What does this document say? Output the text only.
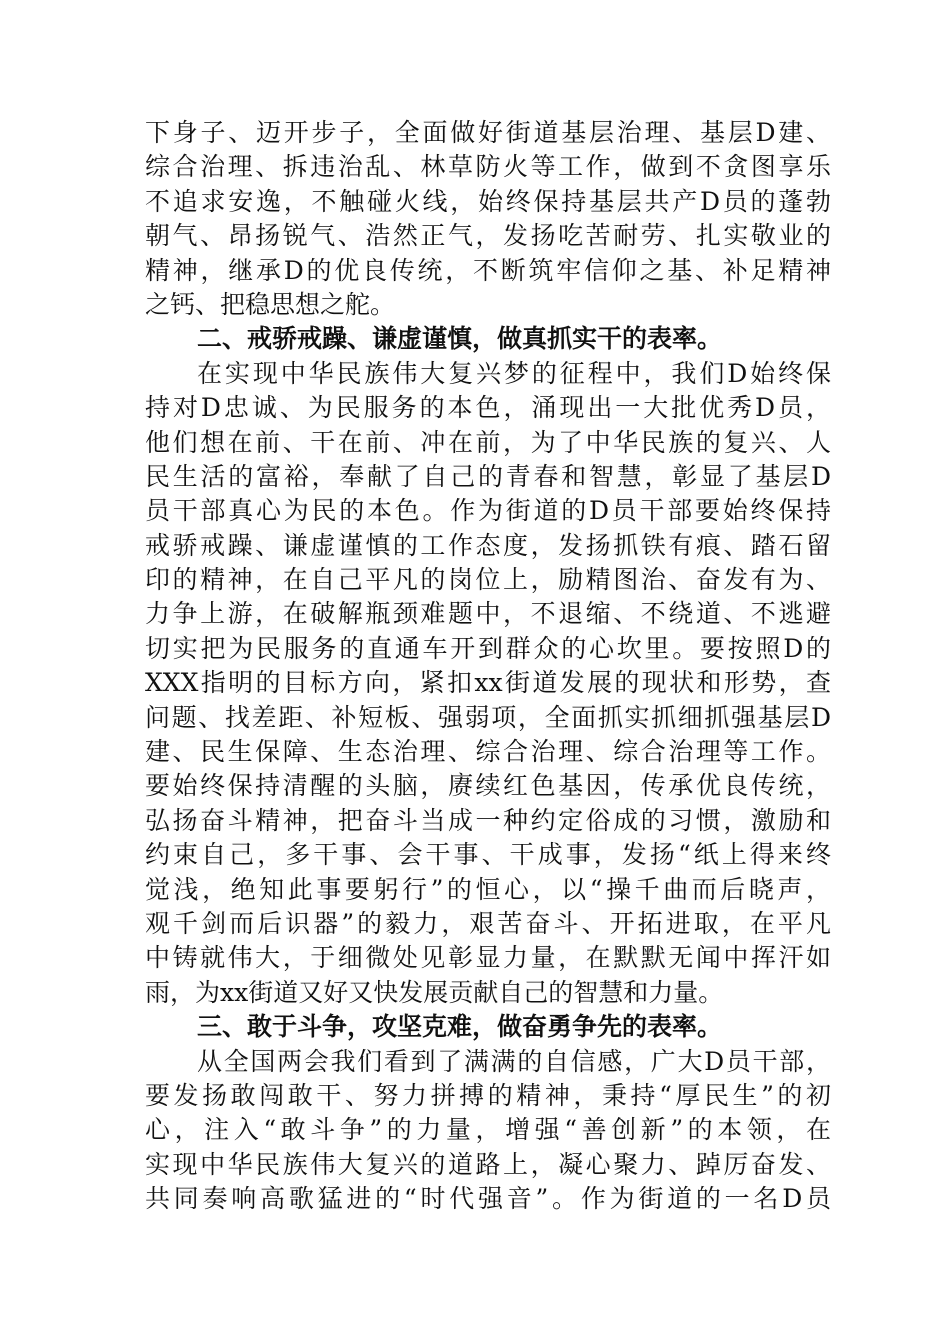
下身子、迈开步子，全面做好街道基层治理、基层D建、
综合治理、拆违治乱、林草防火等工作，做到不贪图享乐
不追求安逸，不触碰火线，始终保持基层共产D员的蓬勃
朝气、昂扬锐气、浩然正气，发扬吃苦耐劳、扎实敬业的
精神，继承D的优良传统，不断筑牢信仰之基、补足精神
之钙、把稳思想之舵。
二、戒骄戒躁、谦虚谨慎，做真抓实干的表率。
在实现中华民族伟大复兴梦的征程中，我们D始终保
持对D忠诚、为民服务的本色，涌现出一大批优秀D员，
他们想在前、干在前、冲在前，为了中华民族的复兴、人
民生活的富裕，奉献了自己的青春和智慧，彰显了基层D
员干部真心为民的本色。作为街道的D员干部要始终保持
戒骄戒躁、谦虚谨慎的工作态度，发扬抓铁有痕、踏石留
印的精神，在自己平凡的岗位上，励精图治、奋发有为、
力争上游，在破解瓶颈难题中，不退缩、不绕道、不逃避
切实把为民服务的直通车开到群众的心坎里。要按照D的
XXX指明的目标方向，紧扣xx街道发展的现状和形势，查
问题、找差距、补短板、强弱项，全面抓实抓细抓强基层D
建、民生保障、生态治理、综合治理、综合治理等工作。
要始终保持清醒的头脑，赓续红色基因，传承优良传统，
弘扬奋斗精神，把奋斗当成一种约定俗成的习惯，激励和
约束自己，多干事、会干事、干成事，发扬“纸上得来终
觉浅，绝知此事要躬行”的恒心，以“操千曲而后晓声，
观千剑而后识器”的毅力，艰苦奋斗、开拓进取，在平凡
中铸就伟大，于细微处见彰显力量，在默默无闻中挥汗如
雨，为xx街道又好又快发展贡献自己的智慧和力量。
三、敢于斗争，攻坚克难，做奋勇争先的表率。
从全国两会我们看到了满满的自信感，广大D员干部，
要发扬敢闯敢干、努力拼搏的精神，秉持“厚民生”的初
心，注入“敢斗争”的力量，增强“善创新”的本领，在
实现中华民族伟大复兴的道路上，凝心聚力、踔厉奋发、
共同奏响高歌猛进的“时代强音”。作为街道的一名D员
